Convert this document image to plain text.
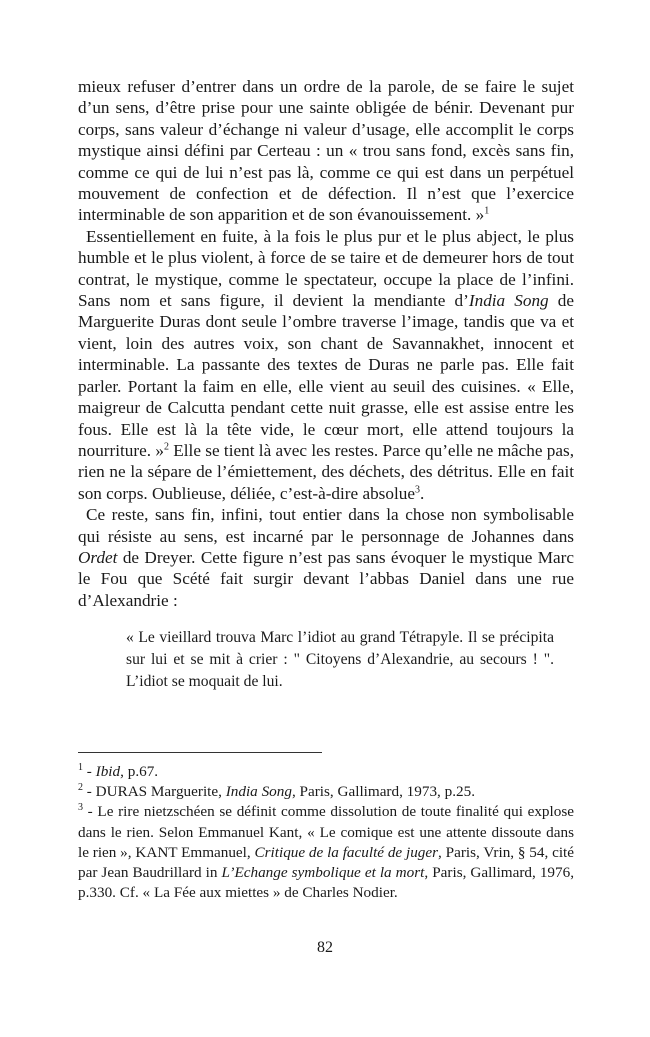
mieux refuser d’entrer dans un ordre de la parole, de se faire le sujet d’un sens, d’être prise pour une sainte obligée de bénir. Devenant pur corps, sans valeur d’échange ni valeur d’usage, elle accomplit le corps mystique ainsi défini par Certeau : un « trou sans fond, excès sans fin, comme ce qui de lui n’est pas là, comme ce qui est dans un perpétuel mouvement de confection et de défection. Il n’est que l’exercice interminable de son apparition et de son évanouissement. »$^1$

Essentiellement en fuite, à la fois le plus pur et le plus abject, le plus humble et le plus violent, à force de se taire et de demeurer hors de tout contrat, le mystique, comme le spectateur, occupe la place de l’infini. Sans nom et sans figure, il devient la mendiante d’India Song de Marguerite Duras dont seule l’ombre traverse l’image, tandis que va et vient, loin des autres voix, son chant de Savannakhet, innocent et interminable. La passante des textes de Duras ne parle pas. Elle fait parler. Portant la faim en elle, elle vient au seuil des cuisines. « Elle, maigreur de Calcutta pendant cette nuit grasse, elle est assise entre les fous. Elle est là la tête vide, le cœur mort, elle attend toujours la nourriture. »$^2$ Elle se tient là avec les restes. Parce qu’elle ne mâche pas, rien ne la sépare de l’émiettement, des déchets, des détritus. Elle en fait son corps. Oublieuse, déliée, c’est-à-dire absolue$^3$.

Ce reste, sans fin, infini, tout entier dans la chose non symbolisable qui résiste au sens, est incarné par le personnage de Johannes dans Ordet de Dreyer. Cette figure n’est pas sans évoquer le mystique Marc le Fou que Scété fait surgir devant l’abbas Daniel dans une rue d’Alexandrie :

« Le vieillard trouva Marc l’idiot au grand Tétrapyle. Il se précipita sur lui et se mit à crier : " Citoyens d’Alexandrie, au secours ! ". L’idiot se moquait de lui.

$^1$ - Ibid, p.67.

$^2$ - DURAS Marguerite, India Song, Paris, Gallimard, 1973, p.25.

$^3$ - Le rire nietzschéen se définit comme dissolution de toute finalité qui explose dans le rien. Selon Emmanuel Kant, « Le comique est une attente dissoute dans le rien », KANT Emmanuel, Critique de la faculté de juger, Paris, Vrin, § 54, cité par Jean Baudrillard in L’Echange symbolique et la mort, Paris, Gallimard, 1976, p.330. Cf. « La Fée aux miettes » de Charles Nodier.

82
